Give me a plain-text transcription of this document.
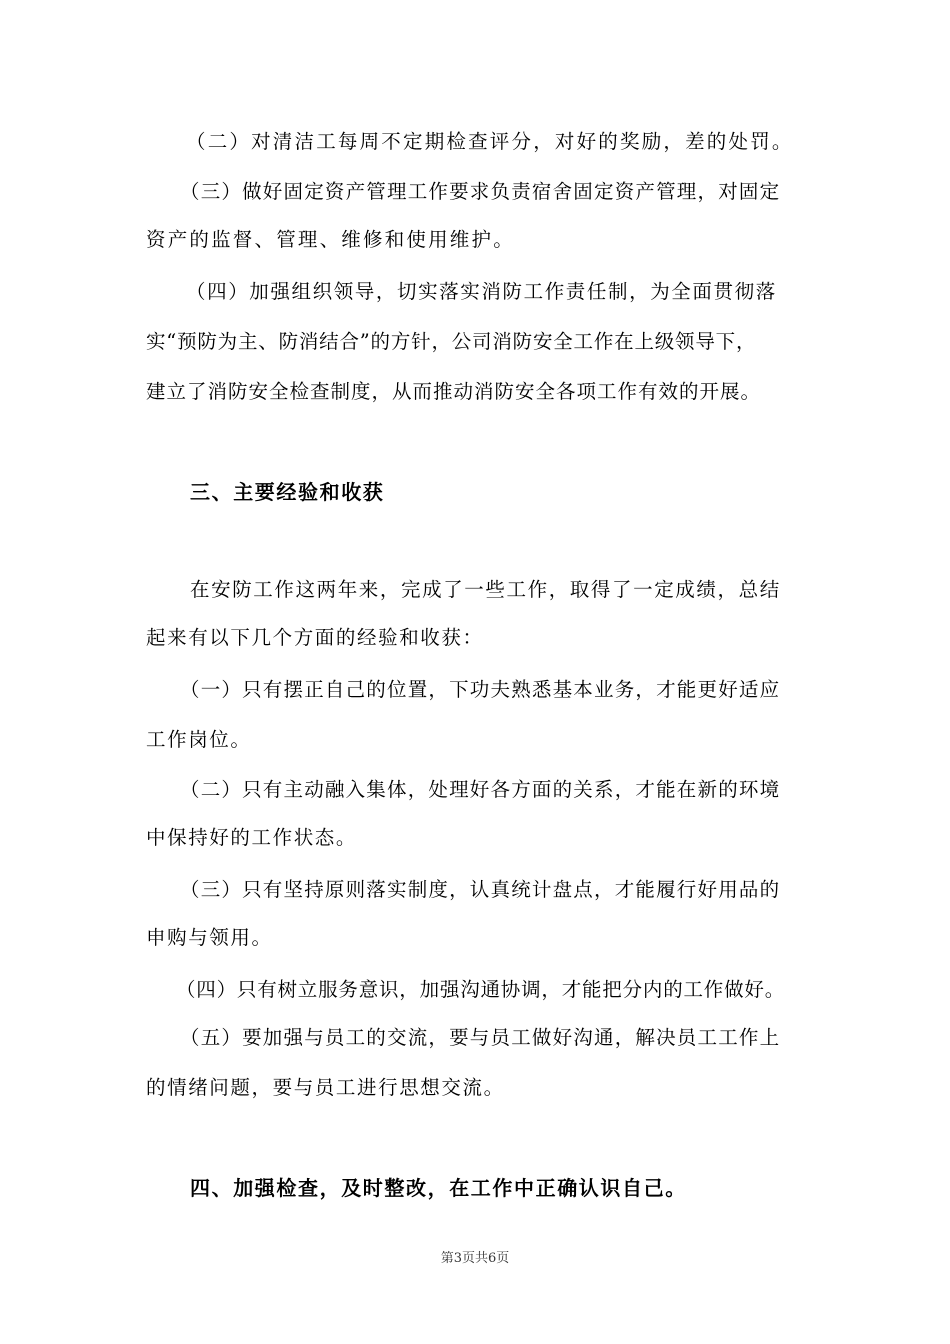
（二）对清洁工每周不定期检查评分，对好的奖励，差的处罚。
（三）做好固定资产管理工作要求负责宿舍固定资产管理，对固定
资产的监督、管理、维修和使用维护。
（四）加强组织领导，切实落实消防工作责任制，为全面贯彻落
实“预防为主、防消结合”的方针，公司消防安全工作在上级领导下，
建立了消防安全检查制度，从而推动消防安全各项工作有效的开展。
三、主要经验和收获
在安防工作这两年来，完成了一些工作，取得了一定成绩，总结
起来有以下几个方面的经验和收获：
（一）只有摆正自己的位置，下功夫熟悉基本业务，才能更好适应
工作岗位。
（二）只有主动融入集体，处理好各方面的关系，才能在新的环境
中保持好的工作状态。
（三）只有坚持原则落实制度，认真统计盘点，才能履行好用品的
申购与领用。
（四）只有树立服务意识，加强沟通协调，才能把分内的工作做好。
（五）要加强与员工的交流，要与员工做好沟通，解决员工工作上
的情绪问题，要与员工进行思想交流。
四、加强检查，及时整改，在工作中正确认识自己。
第3页共6页
